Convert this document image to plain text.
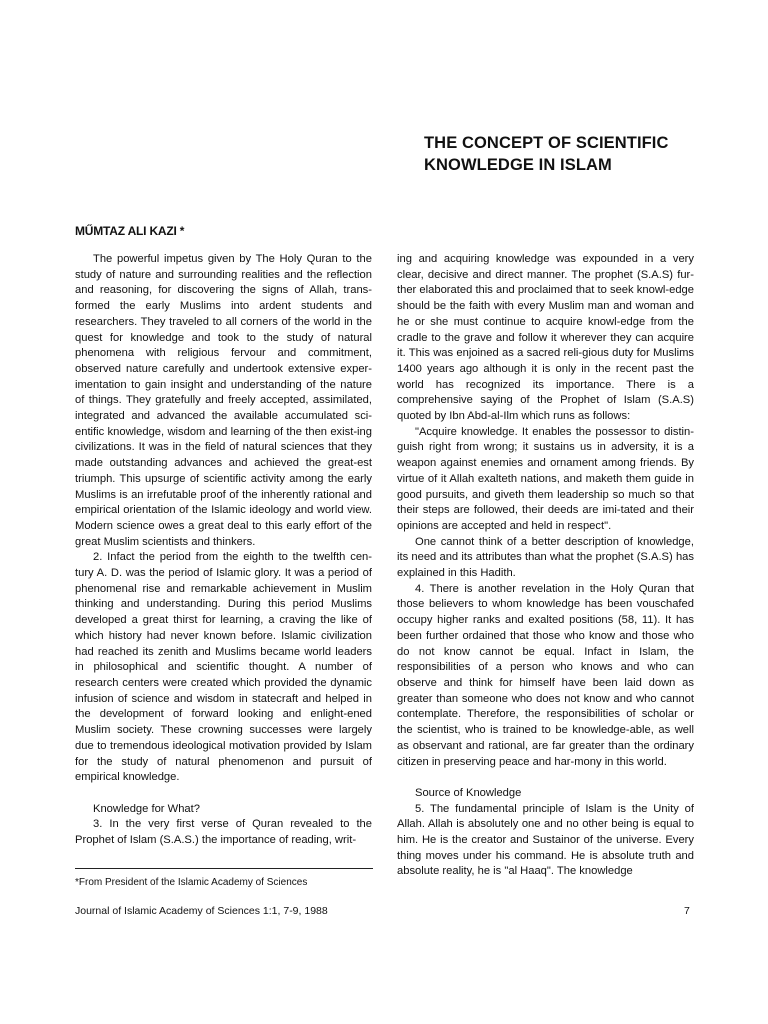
THE CONCEPT OF SCIENTIFIC
KNOWLEDGE IN ISLAM
MŰMTAZ ALI KAZI *

The powerful impetus given by The Holy Quran to the study of nature and surrounding realities and the reflection and reasoning, for discovering the signs of Allah, trans-formed the early Muslims into ardent students and researchers. They traveled to all corners of the world in the quest for knowledge and took to the study of natural phenomena with religious fervour and commitment, observed nature carefully and undertook extensive exper-imentation to gain insight and understanding of the nature of things. They gratefully and freely accepted, assimilated, integrated and advanced the available accumulated sci-entific knowledge, wisdom and learning of the then exist-ing civilizations. It was in the field of natural sciences that they made outstanding advances and achieved the great-est triumph. This upsurge of scientific activity among the early Muslims is an irrefutable proof of the inherently rational and empirical orientation of the Islamic ideology and world view. Modern science owes a great deal to this early effort of the great Muslim scientists and thinkers.

2. Infact the period from the eighth to the twelfth cen-tury A. D. was the period of Islamic glory. It was a period of phenomenal rise and remarkable achievement in Muslim thinking and understanding. During this period Muslims developed a great thirst for learning, a craving the like of which history had never known before. Islamic civilization had reached its zenith and Muslims became world leaders in philosophical and scientific thought. A number of research centers were created which provided the dynamic infusion of science and wisdom in statecraft and helped in the development of forward looking and enlight-ened Muslim society. These crowning successes were largely due to tremendous ideological motivation provided by Islam for the study of natural phenomenon and pursuit of empirical knowledge.

Knowledge for What?

3. In the very first verse of Quran revealed to the Prophet of Islam (S.A.S.) the importance of reading, writ-

ing and acquiring knowledge was expounded in a very clear, decisive and direct manner. The prophet (S.A.S) fur-ther elaborated this and proclaimed that to seek knowl-edge should be the faith with every Muslim man and woman and he or she must continue to acquire knowl-edge from the cradle to the grave and follow it wherever they can acquire it. This was enjoined as a sacred reli-gious duty for Muslims 1400 years ago although it is only in the recent past the world has recognized its importance. There is a comprehensive saying of the Prophet of Islam (S.A.S) quoted by Ibn Abd-al-Ilm which runs as follows:

"Acquire knowledge. It enables the possessor to distin-guish right from wrong; it sustains us in adversity, it is a weapon against enemies and ornament among friends. By virtue of it Allah exalteth nations, and maketh them guide in good pursuits, and giveth them leadership so much so that their steps are followed, their deeds are imi-tated and their opinions are accepted and held in respect".

One cannot think of a better description of knowledge, its need and its attributes than what the prophet (S.A.S) has explained in this Hadith.

4. There is another revelation in the Holy Quran that those believers to whom knowledge has been vouschafed occupy higher ranks and exalted positions (58, 11). It has been further ordained that those who know and those who do not know cannot be equal. Infact in Islam, the responsibilities of a person who knows and who can observe and think for himself have been laid down as greater than someone who does not know and who cannot contemplate. Therefore, the responsibilities of scholar or the scientist, who is trained to be knowledge-able, as well as observant and rational, are far greater than the ordinary citizen in preserving peace and har-mony in this world.

Source of Knowledge

5. The fundamental principle of Islam is the Unity of Allah. Allah is absolutely one and no other being is equal to him. He is the creator and Sustainor of the universe. Every thing moves under his command. He is absolute truth and absolute reality, he is "al Haaq". The knowledge

*From President of the Islamic Academy of Sciences
Journal of Islamic Academy of Sciences 1:1, 7-9, 1988	7
